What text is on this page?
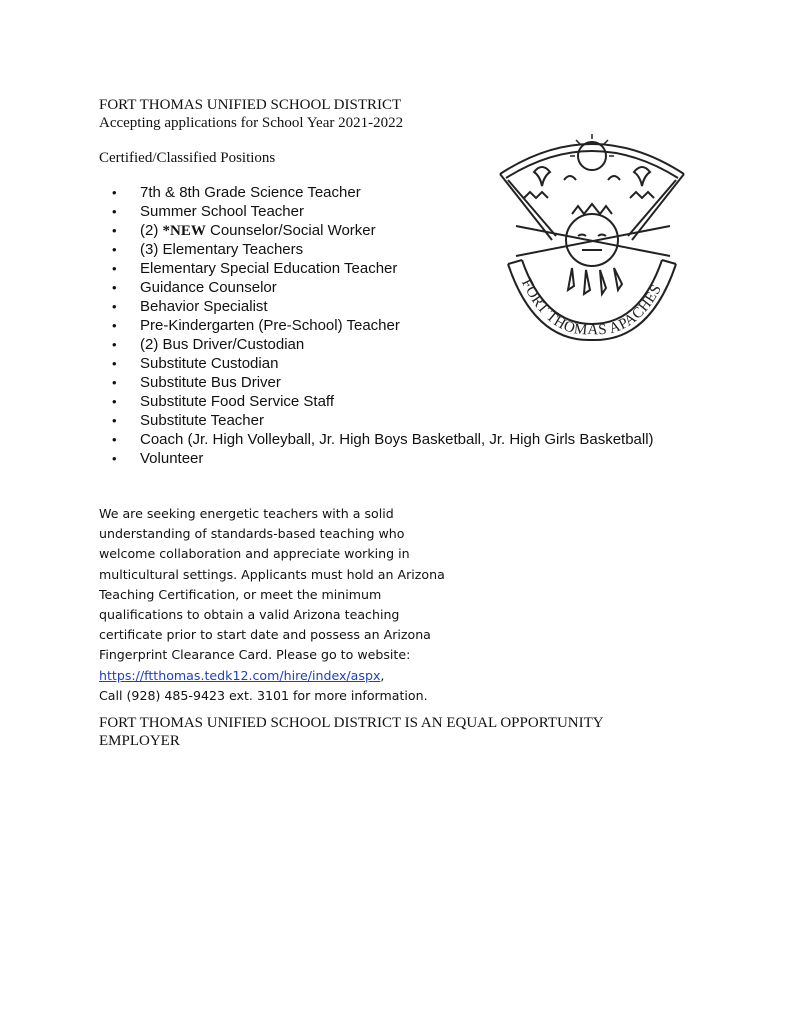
FORT THOMAS UNIFIED SCHOOL DISTRICT
Accepting applications for School Year 2021-2022
Certified/Classified Positions
• 7th & 8th Grade Science Teacher
• Summer School Teacher
• (2) *NEW Counselor/Social Worker
• (3) Elementary Teachers
• Elementary Special Education Teacher
• Guidance Counselor
• Behavior Specialist
• Pre-Kindergarten (Pre-School) Teacher
• (2) Bus Driver/Custodian
• Substitute Custodian
• Substitute Bus Driver
• Substitute Food Service Staff
• Substitute Teacher
• Coach (Jr. High Volleyball, Jr. High Boys Basketball, Jr. High Girls Basketball)
• Volunteer
FORT THOMAS APACHES
We are seeking energetic teachers with a solid
understanding of standards-based teaching who
welcome collaboration and appreciate working in
multicultural settings. Applicants must hold an Arizona
Teaching Certification, or meet the minimum
qualifications to obtain a valid Arizona teaching
certificate prior to start date and possess an Arizona
Fingerprint Clearance Card. Please go to website:
https://ftthomas.tedk12.com/hire/index/aspx,
Call (928) 485-9423 ext. 3101 for more information.
FORT THOMAS UNIFIED SCHOOL DISTRICT IS AN EQUAL OPPORTUNITY
EMPLOYER
